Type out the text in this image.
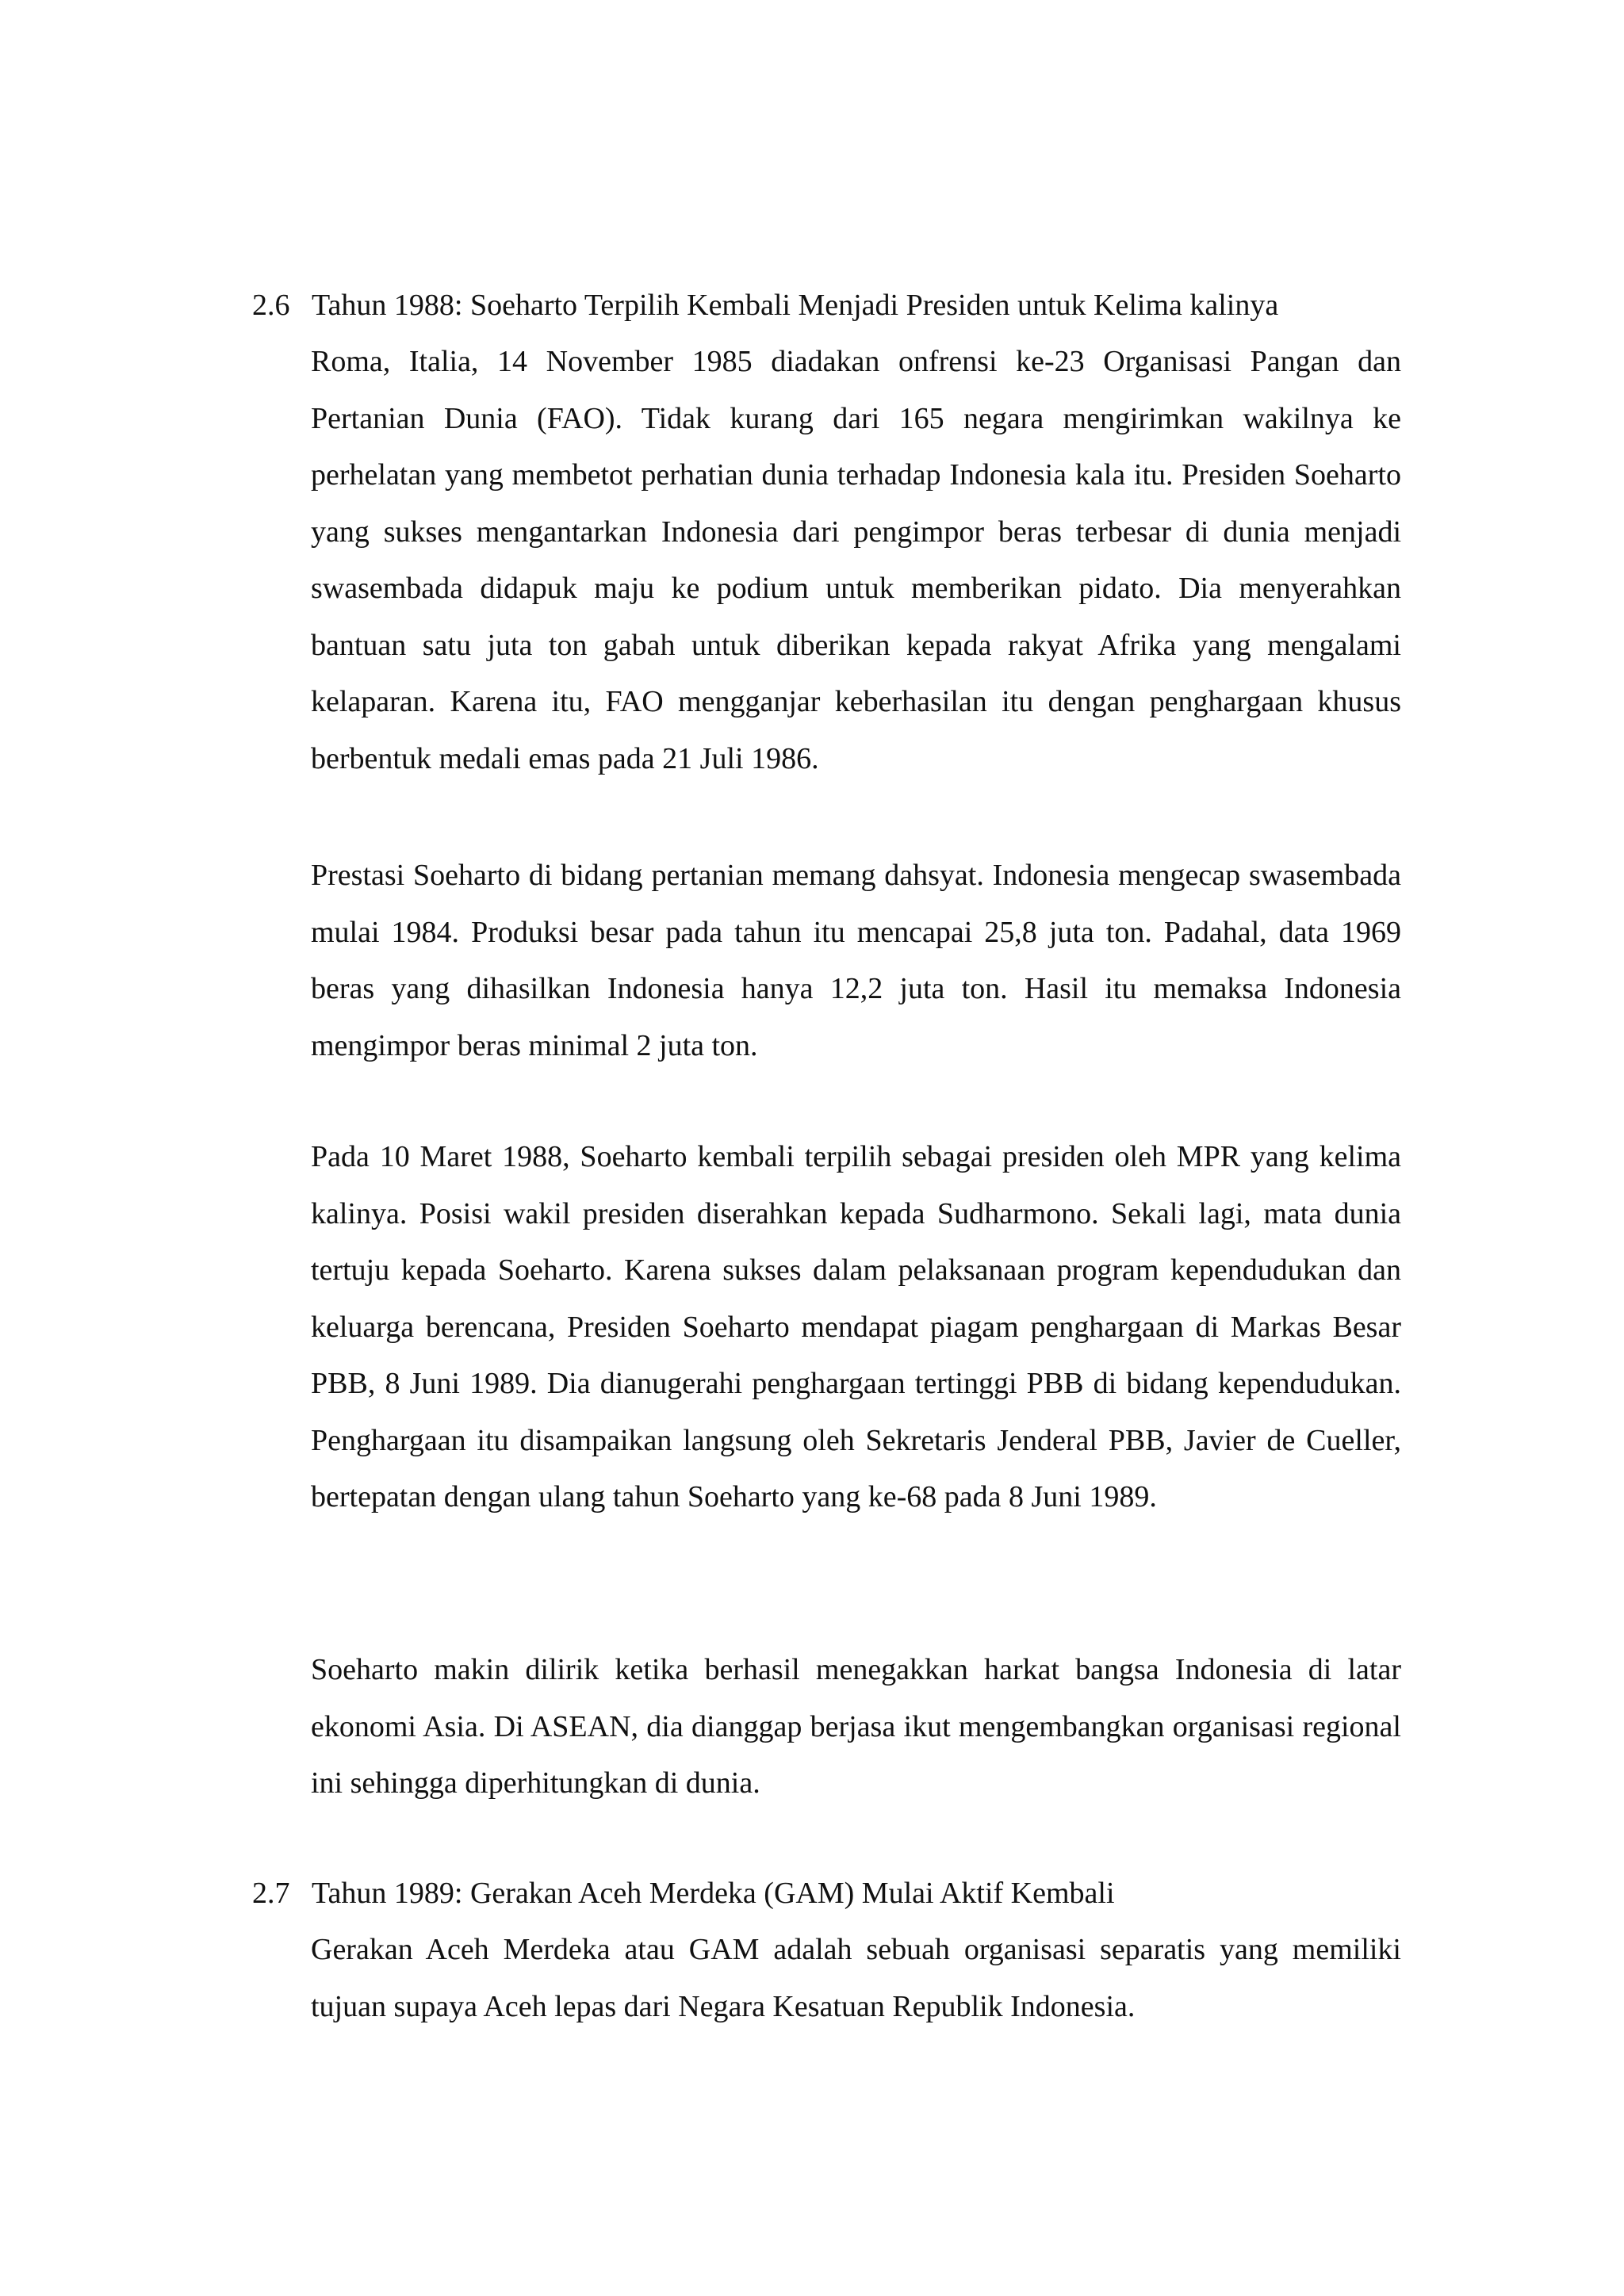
2.6 Tahun 1988: Soeharto Terpilih Kembali Menjadi Presiden untuk Kelima kalinya

Roma, Italia, 14 November 1985 diadakan onfrensi ke-23 Organisasi Pangan dan Pertanian Dunia (FAO). Tidak kurang dari 165 negara mengirimkan wakilnya ke perhelatan yang membetot perhatian dunia terhadap Indonesia kala itu. Presiden Soeharto yang sukses mengantarkan Indonesia dari pengimpor beras terbesar di dunia menjadi swasembada didapuk maju ke podium untuk memberikan pidato. Dia menyerahkan bantuan satu juta ton gabah untuk diberikan kepada rakyat Afrika yang mengalami kelaparan. Karena itu, FAO mengganjar keberhasilan itu dengan penghargaan khusus berbentuk medali emas pada 21 Juli 1986.

Prestasi Soeharto di bidang pertanian memang dahsyat. Indonesia mengecap swasembada mulai 1984. Produksi besar pada tahun itu mencapai 25,8 juta ton. Padahal, data 1969 beras yang dihasilkan Indonesia hanya 12,2 juta ton. Hasil itu memaksa Indonesia mengimpor beras minimal 2 juta ton.

Pada 10 Maret 1988, Soeharto kembali terpilih sebagai presiden oleh MPR yang kelima kalinya. Posisi wakil presiden diserahkan kepada Sudharmono. Sekali lagi, mata dunia tertuju kepada Soeharto. Karena sukses dalam pelaksanaan program kependudukan dan keluarga berencana, Presiden Soeharto mendapat piagam penghargaan di Markas Besar PBB, 8 Juni 1989. Dia dianugerahi penghargaan tertinggi PBB di bidang kependudukan. Penghargaan itu disampaikan langsung oleh Sekretaris Jenderal PBB, Javier de Cueller, bertepatan dengan ulang tahun Soeharto yang ke-68 pada 8 Juni 1989.

Soeharto makin dilirik ketika berhasil menegakkan harkat bangsa Indonesia di latar ekonomi Asia. Di ASEAN, dia dianggap berjasa ikut mengembangkan organisasi regional ini sehingga diperhitungkan di dunia.

2.7 Tahun 1989: Gerakan Aceh Merdeka (GAM) Mulai Aktif Kembali

Gerakan Aceh Merdeka atau GAM adalah sebuah organisasi separatis yang memiliki tujuan supaya Aceh lepas dari Negara Kesatuan Republik Indonesia.
